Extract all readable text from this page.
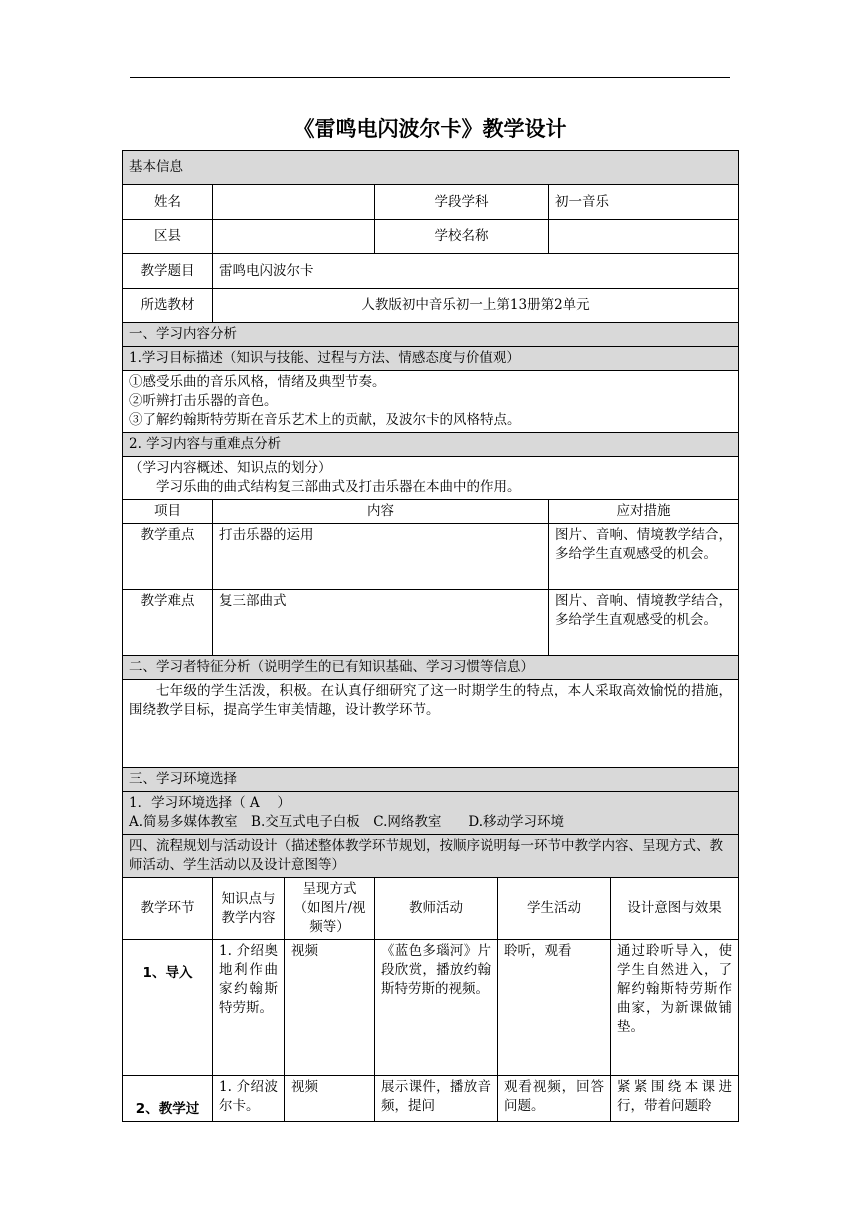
《雷鸣电闪波尔卡》教学设计
基本信息						
姓名			学段学科		初一音乐	
区县			学校名称			
教学题目	雷鸣电闪波尔卡					
所选教材	人教版初中音乐初一上第13册第2单元					
一、学习内容分析						
1.学习目标描述（知识与技能、过程与方法、情感态度与价值观）						

①感受乐曲的音乐风格，情绪及典型节奏。

②听辨打击乐器的音色。

③了解约翰斯特劳斯在音乐艺术上的贡献，及波尔卡的风格特点。						

2. 学习内容与重难点分析						

（学习内容概述、知识点的划分）

学习乐曲的曲式结构复三部曲式及打击乐器在本曲中的作用。						

项目	内容				应对措施	
教学重点	打击乐器的运用				图片、音响、情境教学结合，多给学生直观感受的机会。	
教学难点	复三部曲式				图片、音响、情境教学结合，多给学生直观感受的机会。	
二、学习者特征分析（说明学生的已有知识基础、学习习惯等信息）						

七年级的学生活泼，积极。在认真仔细研究了这一时期学生的特点，本人采取高效愉悦的措施，围绕教学目标，提高学生审美情趣，设计教学环节。						

三、学习环境选择						

1．学习环境选择（ A　 ）

A.简易多媒体教室　B.交互式电子白板　C.网络教室　　D.移动学习环境						

四、流程规划与活动设计（描述整体教学环节规划，按顺序说明每一环节中教学内容、呈现方式、教师活动、学生活动以及设计意图等）						
教学环节	知识点与教学内容	呈现方式（如图片/视频等）	教师活动	学生活动		设计意图与效果
1、导入	1. 介绍奥地利作曲家约翰斯特劳斯。	视频	《蓝色多瑙河》片段欣赏，播放约翰斯特劳斯的视频。	聆听，观看		通过聆听导入，使学生自然进入，了解约翰斯特劳斯作曲家，为新课做铺垫。
2、教学过	1. 介绍波尔卡。	视频	展示课件，播放音频，提问	观看视频，回答问题。		紧紧围绕本课进行，带着问题聆
